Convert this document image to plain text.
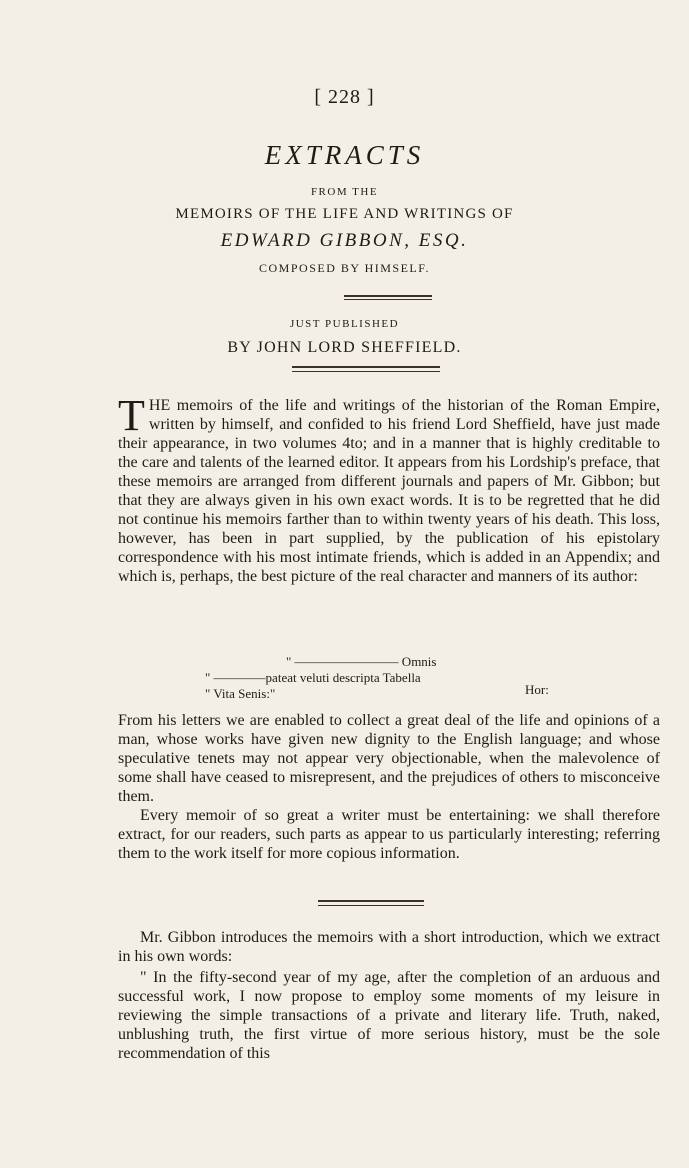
[ 228 ]
EXTRACTS
FROM THE
MEMOIRS OF THE LIFE AND WRITINGS OF
EDWARD GIBBON, ESQ.
COMPOSED BY HIMSELF.
JUST PUBLISHED
BY JOHN LORD SHEFFIELD.
THE memoirs of the life and writings of the historian of the Roman Empire, written by himself, and confided to his friend Lord Sheffield, have just made their appearance, in two volumes 4to; and in a manner that is highly creditable to the care and talents of the learned editor. It appears from his Lordship's preface, that these memoirs are arranged from different journals and papers of Mr. Gibbon; but that they are always given in his own exact words. It is to be regretted that he did not continue his memoirs farther than to within twenty years of his death. This loss, however, has been in part supplied, by the publication of his epistolary correspondence with his most intimate friends, which is added in an Appendix; and which is, perhaps, the best picture of the real character and manners of its author:
" ———————— Omnis
" ————pateat veluti descripta Tabella
" Vita Senis:"	Hor:
From his letters we are enabled to collect a great deal of the life and opinions of a man, whose works have given new dignity to the English language; and whose speculative tenets may not appear very objectionable, when the malevolence of some shall have ceased to misrepresent, and the prejudices of others to misconceive them.
Every memoir of so great a writer must be entertaining: we shall therefore extract, for our readers, such parts as appear to us particularly interesting; referring them to the work itself for more copious information.
Mr. Gibbon introduces the memoirs with a short introduction, which we extract in his own words:
" In the fifty-second year of my age, after the completion of an arduous and successful work, I now propose to employ some moments of my leisure in reviewing the simple transactions of a private and literary life. Truth, naked, unblushing truth, the first virtue of more serious history, must be the sole recommendation of this
